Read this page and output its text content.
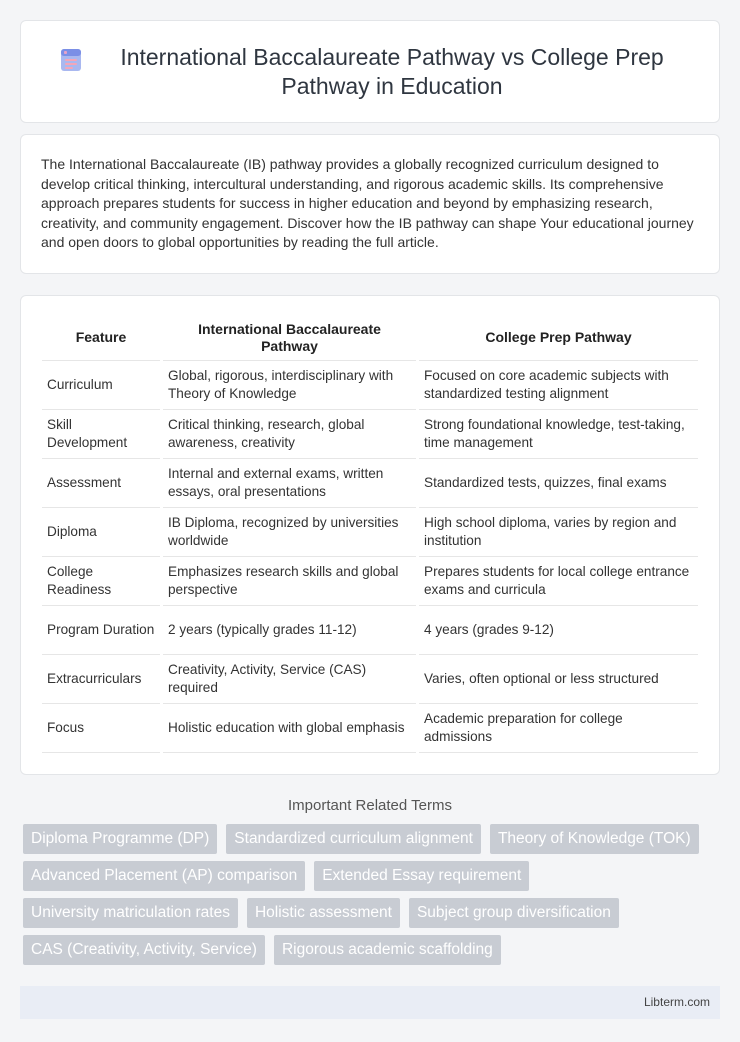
International Baccalaureate Pathway vs College Prep Pathway in Education

The International Baccalaureate (IB) pathway provides a globally recognized curriculum designed to develop critical thinking, intercultural understanding, and rigorous academic skills. Its comprehensive approach prepares students for success in higher education and beyond by emphasizing research, creativity, and community engagement. Discover how the IB pathway can shape Your educational journey and open doors to global opportunities by reading the full article.

Feature	International Baccalaureate Pathway	College Prep Pathway
Curriculum	Global, rigorous, interdisciplinary with Theory of Knowledge	Focused on core academic subjects with standardized testing alignment
Skill Development	Critical thinking, research, global awareness, creativity	Strong foundational knowledge, test-taking, time management
Assessment	Internal and external exams, written essays, oral presentations	Standardized tests, quizzes, final exams
Diploma	IB Diploma, recognized by universities worldwide	High school diploma, varies by region and institution
College Readiness	Emphasizes research skills and global perspective	Prepares students for local college entrance exams and curricula
Program Duration	2 years (typically grades 11-12)	4 years (grades 9-12)
Extracurriculars	Creativity, Activity, Service (CAS) required	Varies, often optional or less structured
Focus	Holistic education with global emphasis	Academic preparation for college admissions
Important Related Terms
Diploma Programme (DP)	Standardized curriculum alignment	Theory of Knowledge (TOK)
Advanced Placement (AP) comparison	Extended Essay requirement
University matriculation rates	Holistic assessment	Subject group diversification
CAS (Creativity, Activity, Service)	Rigorous academic scaffolding
Libterm.com
